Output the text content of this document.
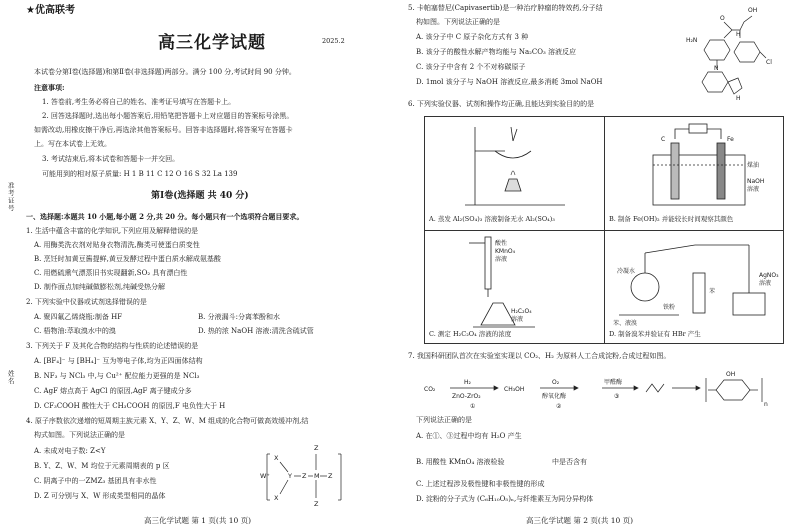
准考证号
姓名
★优高联考
高三化学试题	2025.2
本试卷分第Ⅰ卷(选择题)和第Ⅱ卷(非选择题)两部分。满分 100 分,考试时间 90 分钟。
注意事项:
1. 答卷前,考生务必将自己的姓名、准考证号填写在答题卡上。
2. 回答选择题时,选出每小题答案后,用铅笔把答题卡上对应题目的答案标号涂黑。
如需改动,用橡皮擦干净后,再选涂其他答案标号。回答非选择题时,将答案写在答题卡
上。写在本试卷上无效。
3. 考试结束后,将本试卷和答题卡一并交回。
可能用到的相对原子质量: H 1 B 11 C 12 O 16 S 32 La 139
第Ⅰ卷(选择题 共 40 分)
一、选择题:本题共 10 小题,每小题 2 分,共 20 分。每小题只有一个选项符合题目要求。
1. 生活中蕴含丰富的化学知识,下列应用及解释错误的是
A. 用酶类洗衣剂对贴身衣物清洗,酶类可使蛋白质变性
B. 烹饪时加黄豆酱提鲜,黄豆发酵过程中蛋白质水解成氨基酸
C. 用燃硫熏气漂蒸旧书实现翻新,SO₂ 具有漂白性
D. 制作面点加纯碱做膨松剂,纯碱受热分解
2. 下列实验中仪器或试剂选择错误的是
A. 聚四氟乙烯烧瓶:制备 HF	B. 分液漏斗:分离苯酚和水
C. 梧物油:萃取溴水中的溴	D. 热的浓 NaOH 溶液:清洗含硫试管
3. 下列关于 F 及其化合物的结构与性质的论述错误的是
A. [BF₄]⁻ 与 [BH₄]⁻ 互为等电子体,均为正四面体结构
B. NF₃ 与 NCl₃ 中,与 Cu²⁺ 配位能力更强的是 NCl₃
C. AgF 熔点高于 AgCl 的原因,AgF 离子键成分多
D. CF₃COOH 酸性大于 CH₃COOH 的原因,F 电负性大于 H
4. 原子序数依次递增的短周期主族元素 X、Y、Z、W、M 组成的化合物可做高效缓冲剂,结
构式如图。下列说法正确的是
A. 未成对电子数: Z<Y
B. Y、Z、W、M 均位于元素周期表的 p 区
C. 阴离子中的一ZMZ₃ 基团具有非水性
D. Z 可分别与 X、W 形成类型相同的晶体
W⁺
X
X
Y Z M Z
Z
Z
高三化学试题 第 1 页(共 10 页)
5. 卡帕塞替尼(Capivasertib)是一种治疗肿瘤的特效药,分子结
构如图。下列说法正确的是
A. 该分子中 C 原子杂化方式有 3 种
B. 该分子的酸性水解产物均能与 Na₂CO₃ 溶液反应
C. 该分子中含有 2 个不对称碳原子
D. 1mol 该分子与 NaOH 溶液反应,最多消耗 3mol NaOH
OH
H₂N
O
H
N
Cl
H
6. 下列实验仪器、试剂和操作均正确,且能达到实验目的的是
A. 蒸发 Al₂(SO₄)₃ 溶液制备无水 Al₂(SO₄)₃
C	Fe
煤油
NaOH
溶液
B. 制备 Fe(OH)₂ 并能较长时间观察其颜色
酸性
KMnO₄
溶液
H₂C₂O₄
溶液
C. 测定 H₂C₂O₄ 溶液的浓度
冷凝水
苯、液溴
铁粉
苯
AgNO₃
溶液
D. 制备溴苯并验证有 HBr 产生
7. 我国科研团队首次在实验室实现以 CO₂、H₂ 为原料人工合成淀粉,合成过程如图。
CO₂
H₂
ZnO-ZrO₂
①
CH₃OH
O₂
醇氧化酶
②
甲醛酶
③
OH
n
下列说法正确的是
A. 在①、③过程中均有 H₂O 产生
B. 用酸性 KMnO₄ 溶液检验	中是否含有
C. 上述过程涉及极性键和非极性键的形成
D. 淀粉的分子式为 (C₆H₁₀O₅)ₙ,与纤维素互为同分异构体
高三化学试题 第 2 页(共 10 页)
